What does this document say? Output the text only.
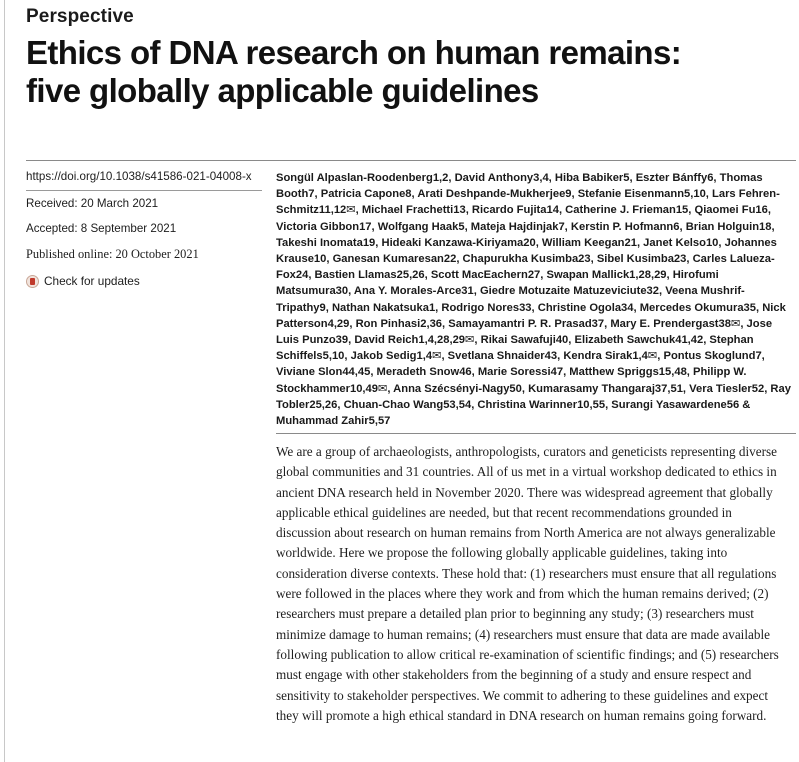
Perspective
Ethics of DNA research on human remains:
five globally applicable guidelines
https://doi.org/10.1038/s41586-021-04008-x
Received: 20 March 2021
Accepted: 8 September 2021
Published online: 20 October 2021
Check for updates
Songül Alpaslan-Roodenberg1,2, David Anthony3,4, Hiba Babiker5, Eszter Bánffy6, Thomas Booth7, Patricia Capone8, Arati Deshpande-Mukherjee9, Stefanie Eisenmann5,10, Lars Fehren-Schmitz11,12✉, Michael Frachetti13, Ricardo Fujita14, Catherine J. Frieman15, Qiaomei Fu16, Victoria Gibbon17, Wolfgang Haak5, Mateja Hajdinjak7, Kerstin P. Hofmann6, Brian Holguin18, Takeshi Inomata19, Hideaki Kanzawa-Kiriyama20, William Keegan21, Janet Kelso10, Johannes Krause10, Ganesan Kumaresan22, Chapurukha Kusimba23, Sibel Kusimba23, Carles Lalueza-Fox24, Bastien Llamas25,26, Scott MacEachern27, Swapan Mallick1,28,29, Hirofumi Matsumura30, Ana Y. Morales-Arce31, Giedre Motuzaite Matuzeviciute32, Veena Mushrif-Tripathy9, Nathan Nakatsuka1, Rodrigo Nores33, Christine Ogola34, Mercedes Okumura35, Nick Patterson4,29, Ron Pinhasi2,36, Samayamantri P. R. Prasad37, Mary E. Prendergast38✉, Jose Luis Punzo39, David Reich1,4,28,29✉, Rikai Sawafuji40, Elizabeth Sawchuk41,42, Stephan Schiffels5,10, Jakob Sedig1,4✉, Svetlana Shnaider43, Kendra Sirak1,4✉, Pontus Skoglund7, Viviane Slon44,45, Meradeth Snow46, Marie Soressi47, Matthew Spriggs15,48, Philipp W. Stockhammer10,49✉, Anna Szécsényi-Nagy50, Kumarasamy Thangaraj37,51, Vera Tiesler52, Ray Tobler25,26, Chuan-Chao Wang53,54, Christina Warinner10,55, Surangi Yasawardene56 & Muhammad Zahir5,57

We are a group of archaeologists, anthropologists, curators and geneticists representing diverse global communities and 31 countries. All of us met in a virtual workshop dedicated to ethics in ancient DNA research held in November 2020. There was widespread agreement that globally applicable ethical guidelines are needed, but that recent recommendations grounded in discussion about research on human remains from North America are not always generalizable worldwide. Here we propose the following globally applicable guidelines, taking into consideration diverse contexts. These hold that: (1) researchers must ensure that all regulations were followed in the places where they work and from which the human remains derived; (2) researchers must prepare a detailed plan prior to beginning any study; (3) researchers must minimize damage to human remains; (4) researchers must ensure that data are made available following publication to allow critical re-examination of scientific findings; and (5) researchers must engage with other stakeholders from the beginning of a study and ensure respect and sensitivity to stakeholder perspectives. We commit to adhering to these guidelines and expect they will promote a high ethical standard in DNA research on human remains going forward.
